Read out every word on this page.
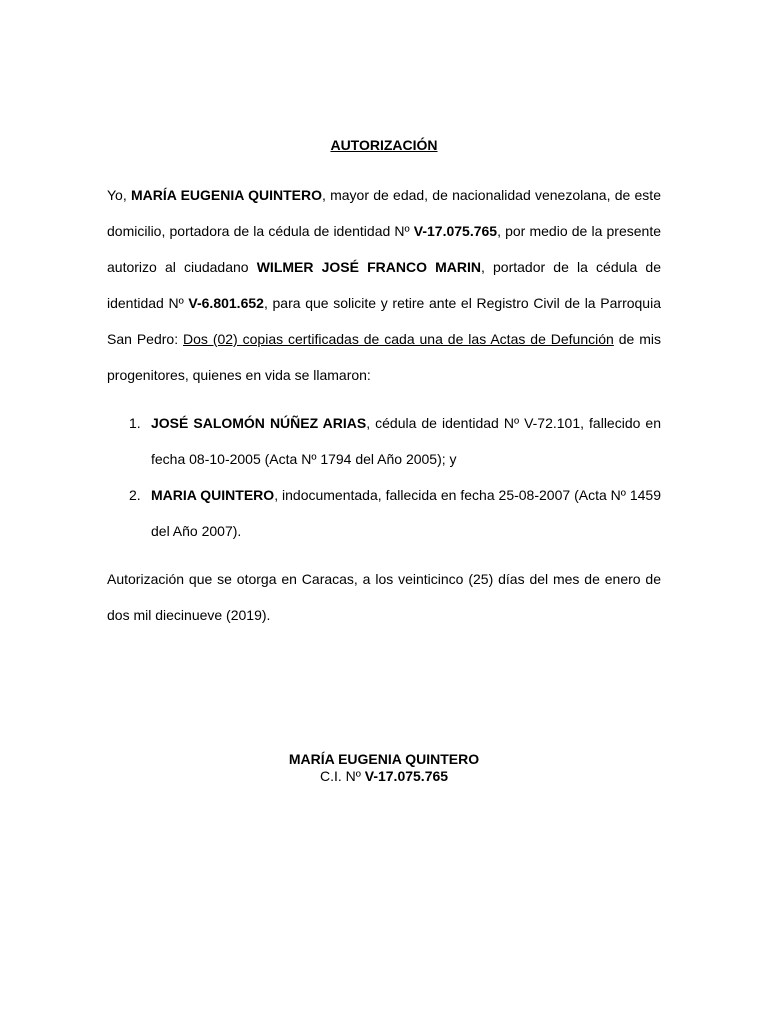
AUTORIZACIÓN
Yo, MARÍA EUGENIA QUINTERO, mayor de edad, de nacionalidad venezolana, de este domicilio, portadora de la cédula de identidad Nº V-17.075.765, por medio de la presente autorizo al ciudadano WILMER JOSÉ FRANCO MARIN, portador de la cédula de identidad Nº V-6.801.652, para que solicite y retire ante el Registro Civil de la Parroquia San Pedro: Dos (02) copias certificadas de cada una de las Actas de Defunción de mis progenitores, quienes en vida se llamaron:
1. JOSÉ SALOMÓN NÚÑEZ ARIAS, cédula de identidad Nº V-72.101, fallecido en fecha 08-10-2005 (Acta Nº 1794 del Año 2005); y
2. MARIA QUINTERO, indocumentada, fallecida en fecha 25-08-2007 (Acta Nº 1459 del Año 2007).
Autorización que se otorga en Caracas, a los veinticinco (25) días del mes de enero de dos mil diecinueve (2019).
MARÍA EUGENIA QUINTERO
C.I. Nº V-17.075.765
